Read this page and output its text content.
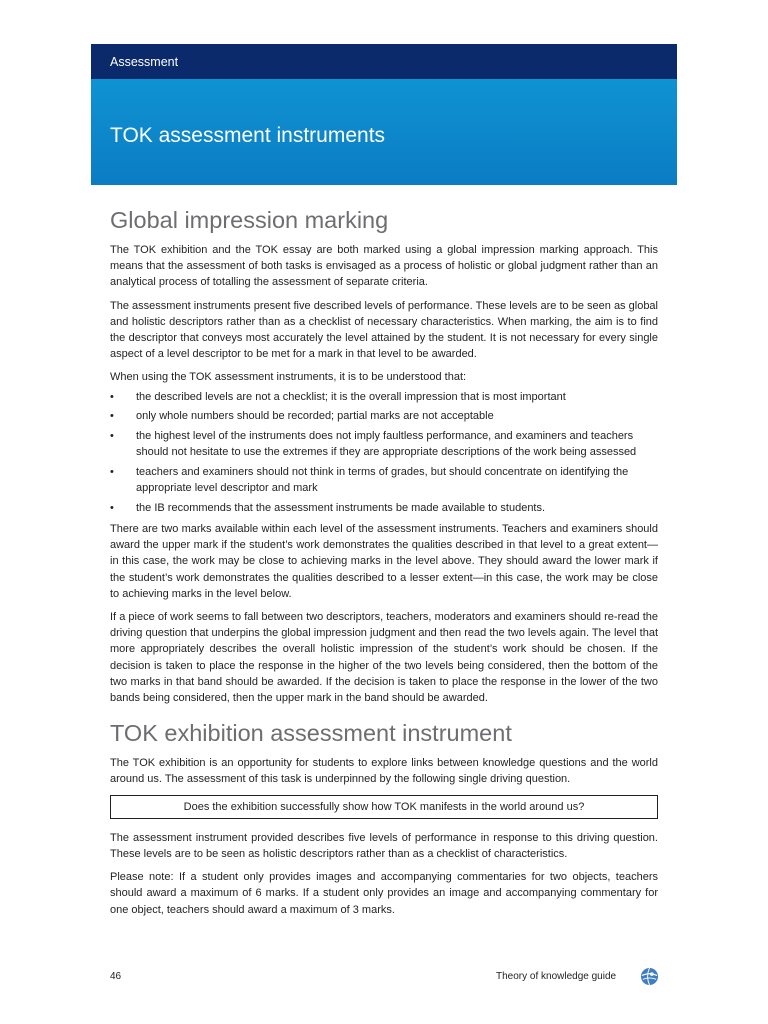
Assessment
TOK assessment instruments
Global impression marking

The TOK exhibition and the TOK essay are both marked using a global impression marking approach. This means that the assessment of both tasks is envisaged as a process of holistic or global judgment rather than an analytical process of totalling the assessment of separate criteria.

The assessment instruments present five described levels of performance. These levels are to be seen as global and holistic descriptors rather than as a checklist of necessary characteristics. When marking, the aim is to find the descriptor that conveys most accurately the level attained by the student. It is not necessary for every single aspect of a level descriptor to be met for a mark in that level to be awarded.

When using the TOK assessment instruments, it is to be understood that:

• the described levels are not a checklist; it is the overall impression that is most important
• only whole numbers should be recorded; partial marks are not acceptable
• the highest level of the instruments does not imply faultless performance, and examiners and teachers should not hesitate to use the extremes if they are appropriate descriptions of the work being assessed
• teachers and examiners should not think in terms of grades, but should concentrate on identifying the appropriate level descriptor and mark
• the IB recommends that the assessment instruments be made available to students.

There are two marks available within each level of the assessment instruments. Teachers and examiners should award the upper mark if the student’s work demonstrates the qualities described in that level to a great extent—in this case, the work may be close to achieving marks in the level above. They should award the lower mark if the student’s work demonstrates the qualities described to a lesser extent—in this case, the work may be close to achieving marks in the level below.

If a piece of work seems to fall between two descriptors, teachers, moderators and examiners should re-read the driving question that underpins the global impression judgment and then read the two levels again. The level that more appropriately describes the overall holistic impression of the student’s work should be chosen. If the decision is taken to place the response in the higher of the two levels being considered, then the bottom of the two marks in that band should be awarded. If the decision is taken to place the response in the lower of the two bands being considered, then the upper mark in the band should be awarded.

TOK exhibition assessment instrument

The TOK exhibition is an opportunity for students to explore links between knowledge questions and the world around us. The assessment of this task is underpinned by the following single driving question.

Does the exhibition successfully show how TOK manifests in the world around us?

The assessment instrument provided describes five levels of performance in response to this driving question. These levels are to be seen as holistic descriptors rather than as a checklist of characteristics.

Please note: If a student only provides images and accompanying commentaries for two objects, teachers should award a maximum of 6 marks. If a student only provides an image and accompanying commentary for one object, teachers should award a maximum of 3 marks.

46	Theory of knowledge guide
